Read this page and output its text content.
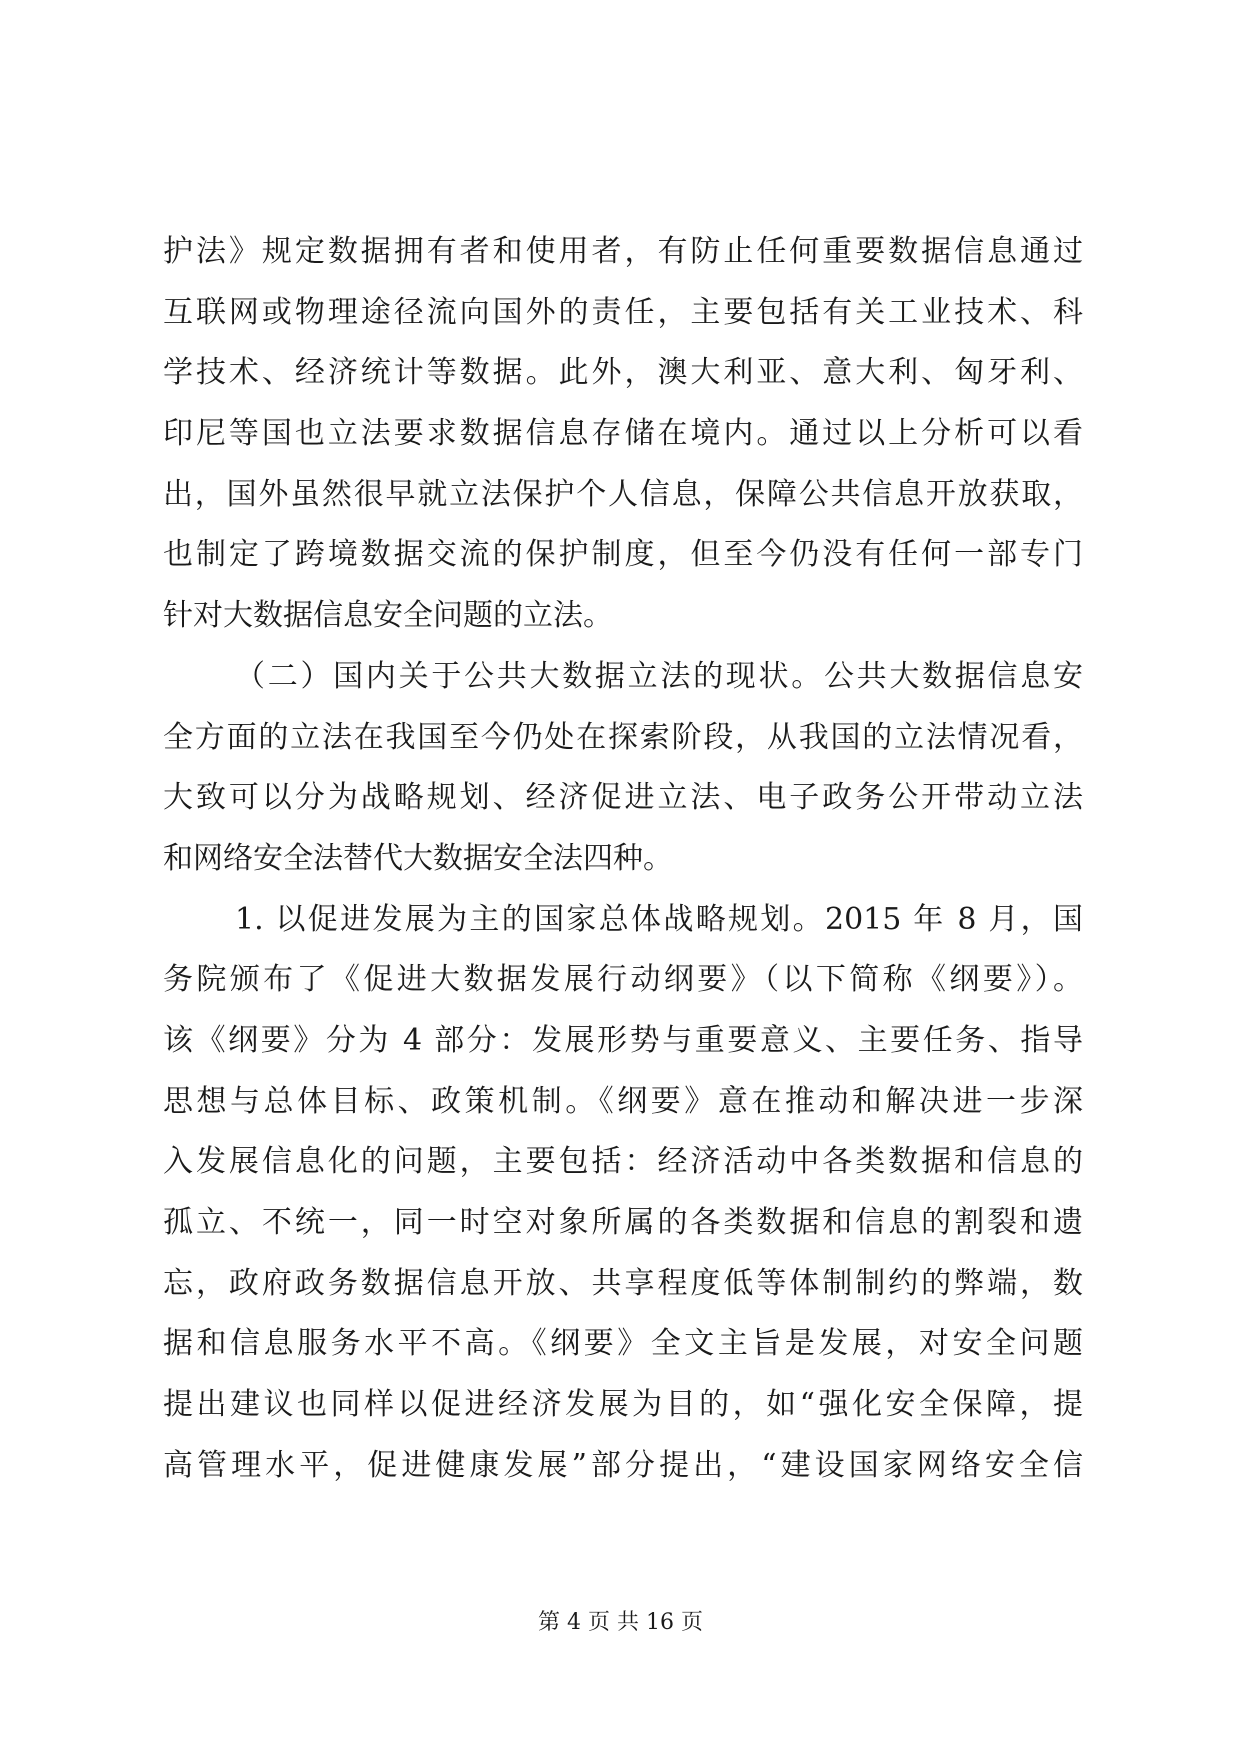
护法》规定数据拥有者和使用者，有防止任何重要数据信息通过
互联网或物理途径流向国外的责任，主要包括有关工业技术、科
学技术、经济统计等数据。此外，澳大利亚、意大利、匈牙利、
印尼等国也立法要求数据信息存储在境内。通过以上分析可以看
出，国外虽然很早就立法保护个人信息，保障公共信息开放获取，
也制定了跨境数据交流的保护制度，但至今仍没有任何一部专门
针对大数据信息安全问题的立法。
（二）国内关于公共大数据立法的现状。公共大数据信息安
全方面的立法在我国至今仍处在探索阶段，从我国的立法情况看，
大致可以分为战略规划、经济促进立法、电子政务公开带动立法
和网络安全法替代大数据安全法四种。
1. 以促进发展为主的国家总体战略规划。2015 年 8 月，国
务院颁布了《促进大数据发展行动纲要》（以下简称《纲要》）。
该《纲要》分为 4 部分：发展形势与重要意义、主要任务、指导
思想与总体目标、政策机制。《纲要》意在推动和解决进一步深
入发展信息化的问题，主要包括：经济活动中各类数据和信息的
孤立、不统一，同一时空对象所属的各类数据和信息的割裂和遗
忘，政府政务数据信息开放、共享程度低等体制制约的弊端，数
据和信息服务水平不高。《纲要》全文主旨是发展，对安全问题
提出建议也同样以促进经济发展为目的，如“强化安全保障，提
高管理水平，促进健康发展”部分提出，“建设国家网络安全信
第 4 页 共 16 页
